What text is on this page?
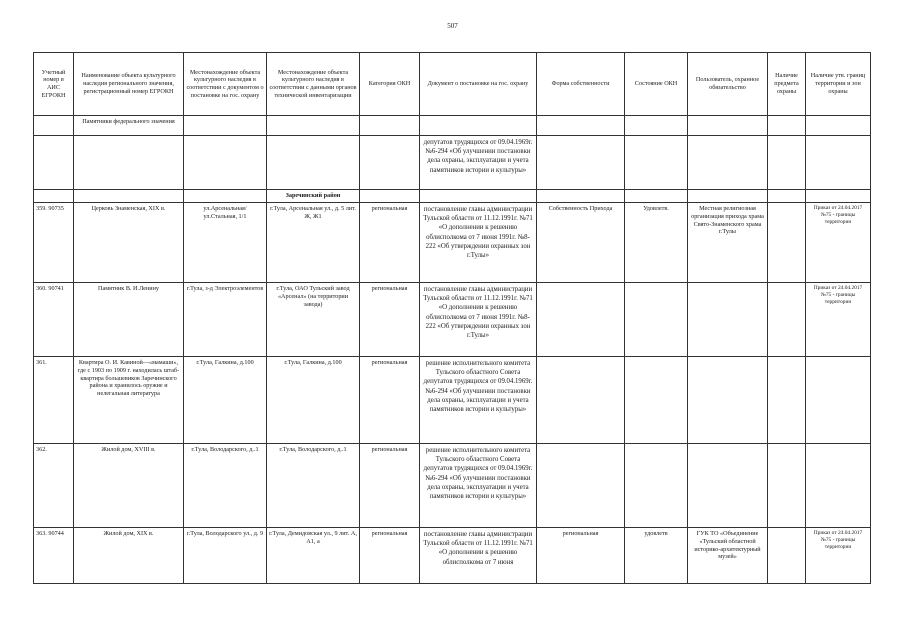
507
Учетный номер в АИС ЕГРОКН	Наименование объекта культурного наследия регионального значения, регистрационный номер ЕГРОКН	Местонахождение объекта культурного наследия в соответствии с документом о постановке на гос. охрану	Местонахождение объекта культурного наследия в соответствии с данными органов технической инвентаризации	Категория ОКН	Документ о постановке на гос. охрану	Форма собственности	Состояние ОКН	Пользователь, охранное обязательство	Наличие предмета охраны	Наличие утв. границ территории и зон охраны
	Памятники федерального значения									
					депутатов трудящихся от 09.04.1969г. №6-294 «Об улучшении постановки дела охраны, эксплуатации и учета памятников истории и культуры»					
			Заречинский район							
359. 90735	Церковь Знаменская, XIX в.	ул.Арсенальная/ ул.Стальная, 1/1	г.Тула, Арсенальная ул., д. 5 лит. Ж, Ж1	региональная	постановление главы администрации Тульской области от 11.12.1991г. №71 «О дополнении к решению облисполкома от 7 июня 1991г. №8-222 «Об утверждении охранных зон г.Тулы»	Собственность Прихода	Удовлетв.	Местная религиозная организация прихода храма Свято-Знаменского храма г.Тулы		Приказ от 24.04.2017 №75 - границы территории
360. 90741	Памятник В. И.Ленину	г.Тула, з-д Электроэлементов	г.Тула, ОАО Тульский завод «Арсенал» (на территории завода)	региональная	постановление главы администрации Тульской области от 11.12.1991г. №71 «О дополнении к решению облисполкома от 7 июня 1991г. №8-222 «Об утверждении охранных зон г.Тулы»					Приказ от 24.04.2017 №75 - границы территории
361.	Квартира О. И. Кавиной—«мамаши», где с 1903 по 1909 г. находилась штаб-квартира большевиков Заречинского района и хранилось оружие и нелегальная литература	г.Тула, Галкина, д.100	г.Тула, Галкина, д.100	региональная	решение исполнительного комитета Тульского областного Совета депутатов трудящихся от 09.04.1969г. №6-294 «Об улучшении постановки дела охраны, эксплуатации и учета памятников истории и культуры»					
362.	Жилой дом, XVIII в.	г.Тула, Володарского, д..1	г.Тула, Володарского, д..1	региональная	решение исполнительного комитета Тульского областного Совета депутатов трудящихся от 09.04.1969г. №6-294 «Об улучшении постановки дела охраны, эксплуатации и учета памятников истории и культуры»					
363. 90744	Жилой дом, XIX в.	г.Тула, Володарского ул., д. 9	г.Тула, Демидовская ул., 9 лит. А, А1, а	региональная	постановление главы администрации Тульской области от 11.12.1991г. №71 «О дополнении к решению облисполкома от 7 июня	региональная	удовлетв	ГУК ТО «Объединение «Тульский областной историко-архитектурный музей»		Приказ от 24.04.2017 №75 - границы территории
